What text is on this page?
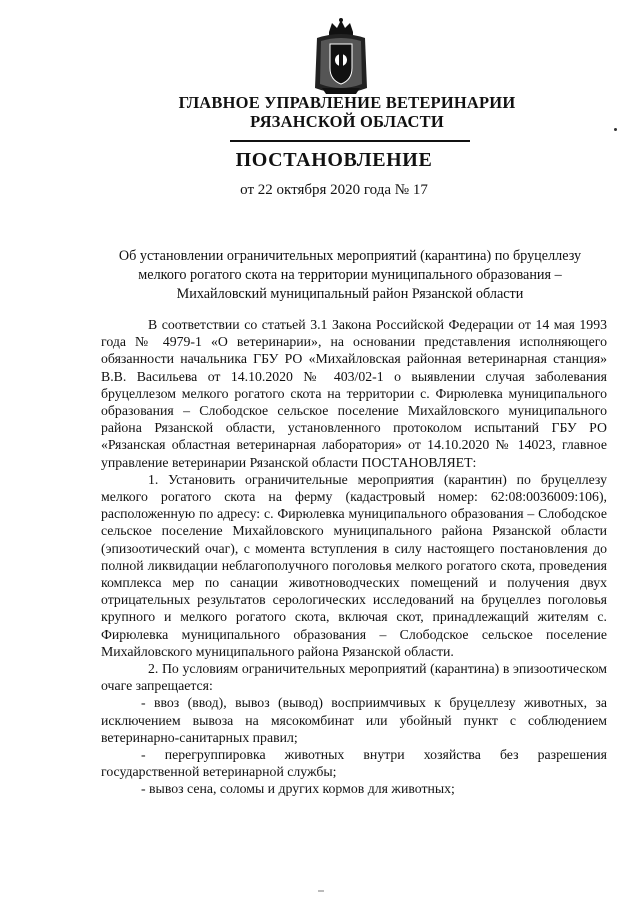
ГЛАВНОЕ УПРАВЛЕНИЕ ВЕТЕРИНАРИИ
РЯЗАНСКОЙ ОБЛАСТИ
ПОСТАНОВЛЕНИЕ
от 22 октября 2020 года № 17
Об установлении ограничительных мероприятий (карантина) по бруцеллезу мелкого рогатого скота на территории муниципального образования – Михайловский муниципальный район Рязанской области

В соответствии со статьей 3.1 Закона Российской Федерации от 14 мая 1993 года № 4979-1 «О ветеринарии», на основании представления исполняющего обязанности начальника ГБУ РО «Михайловская районная ветеринарная станция» В.В. Васильева от 14.10.2020 № 403/02-1 о выявлении случая заболевания бруцеллезом мелкого рогатого скота на территории с. Фирюлевка муниципального образования – Слободское сельское поселение Михайловского муниципального района Рязанской области, установленного протоколом испытаний ГБУ РО «Рязанская областная ветеринарная лаборатория» от 14.10.2020 № 14023, главное управление ветеринарии Рязанской области ПОСТАНОВЛЯЕТ:

1. Установить ограничительные мероприятия (карантин) по бруцеллезу мелкого рогатого скота на ферму (кадастровый номер: 62:08:0036009:106), расположенную по адресу: с. Фирюлевка муниципального образования – Слободское сельское поселение Михайловского муниципального района Рязанской области (эпизоотический очаг), с момента вступления в силу настоящего постановления до полной ликвидации неблагополучного поголовья мелкого рогатого скота, проведения комплекса мер по санации животноводческих помещений и получения двух отрицательных результатов серологических исследований на бруцеллез поголовья крупного и мелкого рогатого скота, включая скот, принадлежащий жителям с. Фирюлевка муниципального образования – Слободское сельское поселение Михайловского муниципального района Рязанской области.

2. По условиям ограничительных мероприятий (карантина) в эпизоотическом очаге запрещается:

- ввоз (ввод), вывоз (вывод) восприимчивых к бруцеллезу животных, за исключением вывоза на мясокомбинат или убойный пункт с соблюдением ветеринарно-санитарных правил;

- перегруппировка животных внутри хозяйства без разрешения государственной ветеринарной службы;

- вывоз сена, соломы и других кормов для животных;
